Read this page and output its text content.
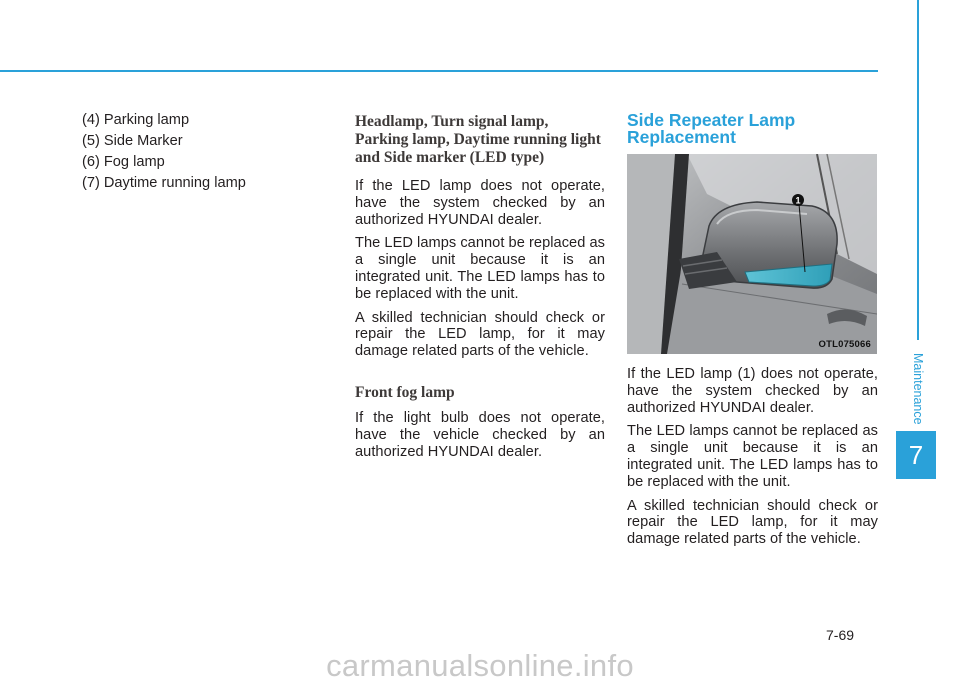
(4) Parking lamp

(5) Side Marker

(6) Fog lamp

(7) Daytime running lamp

Headlamp, Turn signal lamp, Parking lamp, Daytime running light and Side marker (LED type)

If the LED lamp does not operate, have the system checked by an authorized HYUNDAI dealer.

The LED lamps cannot be replaced as a single unit because it is an integrated unit. The LED lamps has to be replaced with the unit.

A skilled technician should check or repair the LED lamp, for it may damage related parts of the vehicle.

Front fog lamp

If the light bulb does not operate, have the vehicle checked by an authorized HYUNDAI dealer.

Side Repeater Lamp Replacement
1
OTL075066

If the LED lamp (1) does not operate, have the system checked by an authorized HYUNDAI dealer.

The LED lamps cannot be replaced as a single unit because it is an integrated unit. The LED lamps has to be replaced with the unit.

A skilled technician should check or repair the LED lamp, for it may damage related parts of the vehicle.

Maintenance
7
7-69
carmanualsonline.info
